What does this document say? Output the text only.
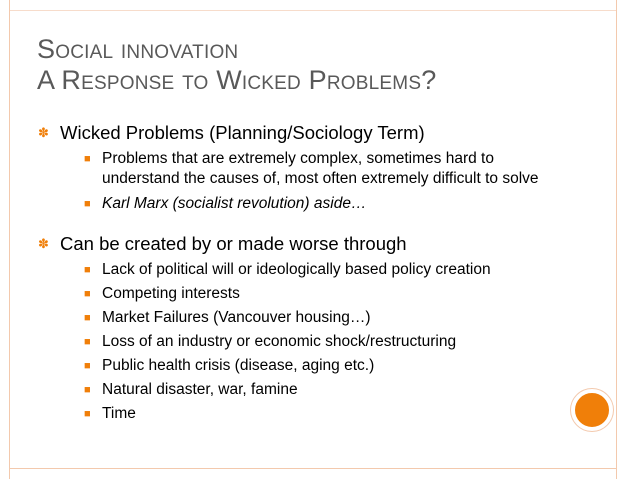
Social innovation
A Response to Wicked Problems?
✽ Wicked Problems (Planning/Sociology Term)
■ Problems that are extremely complex, sometimes hard to
understand the causes of, most often extremely difficult to solve
■ Karl Marx (socialist revolution) aside…
✽ Can be created by or made worse through
■ Lack of political will or ideologically based policy creation
■ Competing interests
■ Market Failures (Vancouver housing…)
■ Loss of an industry or economic shock/restructuring
■ Public health crisis (disease, aging etc.)
■ Natural disaster, war, famine
■ Time
